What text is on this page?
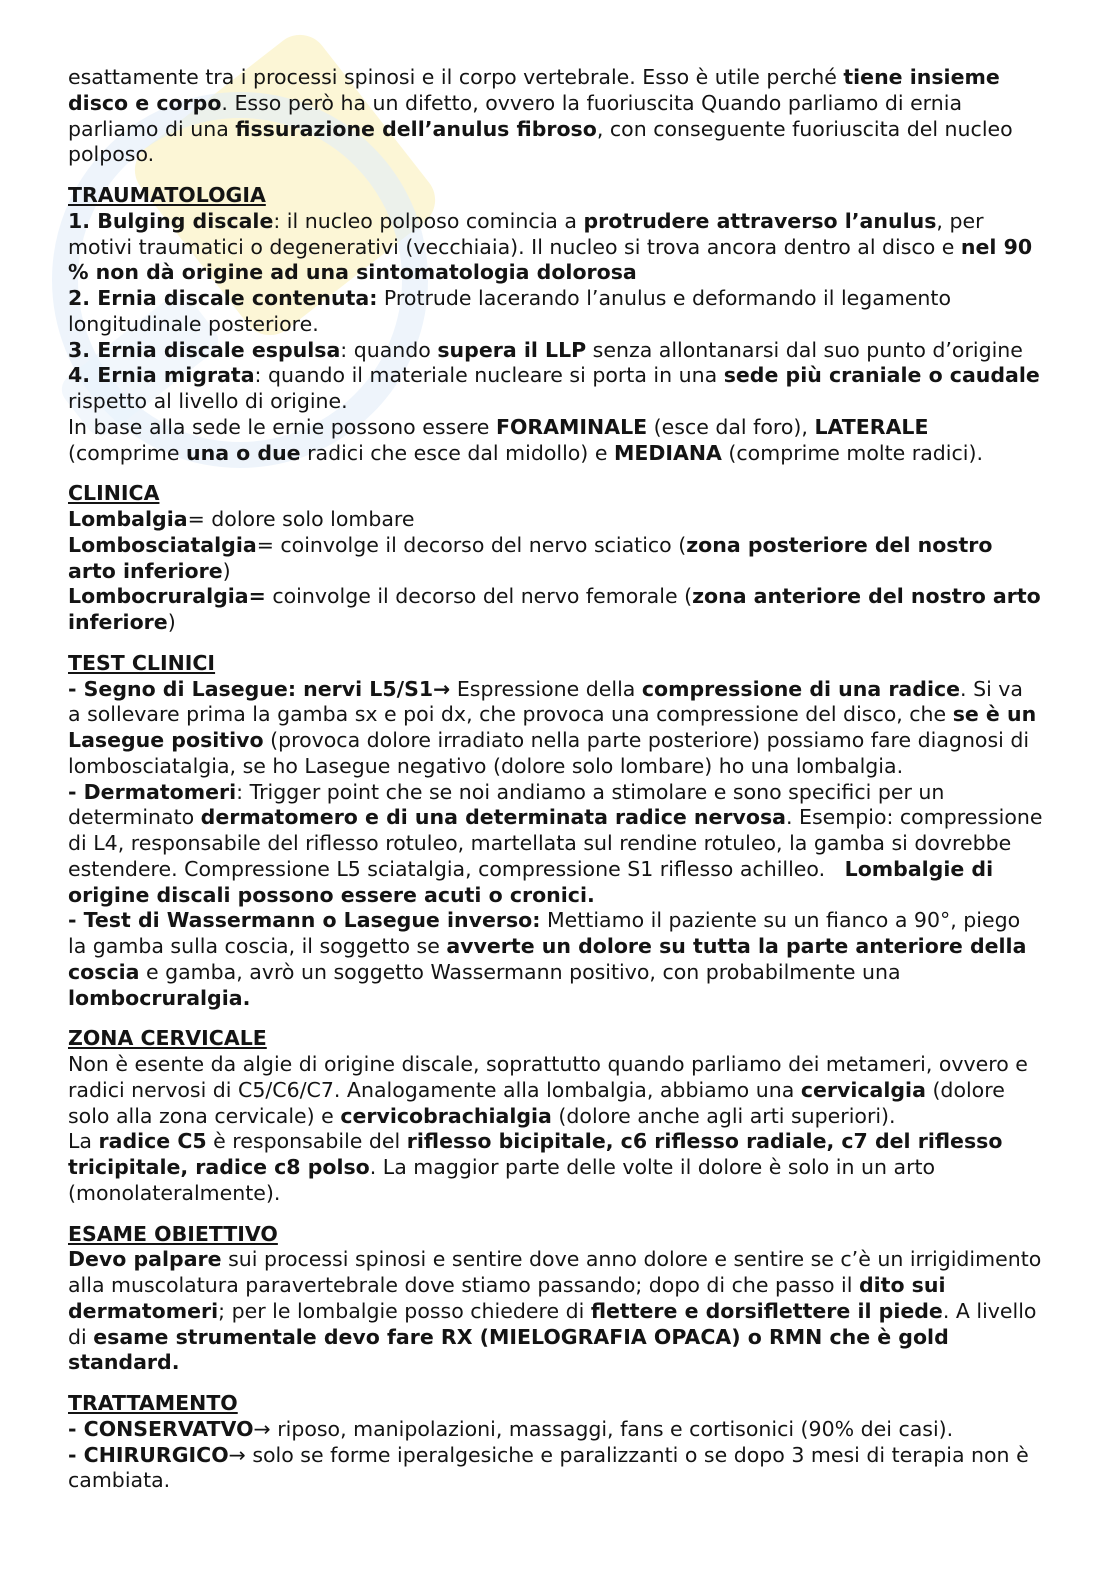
esattamente tra i processi spinosi e il corpo vertebrale. Esso è utile perché tiene insieme
disco e corpo. Esso però ha un difetto, ovvero la fuoriuscita Quando parliamo di ernia
parliamo di una fissurazione dell’anulus fibroso, con conseguente fuoriuscita del nucleo
polposo.
TRAUMATOLOGIA
1. Bulging discale: il nucleo polposo comincia a protrudere attraverso l’anulus, per
motivi traumatici o degenerativi (vecchiaia). Il nucleo si trova ancora dentro al disco e nel 90
% non dà origine ad una sintomatologia dolorosa
2. Ernia discale contenuta: Protrude lacerando l’anulus e deformando il legamento
longitudinale posteriore.
3. Ernia discale espulsa: quando supera il LLP senza allontanarsi dal suo punto d’origine
4. Ernia migrata: quando il materiale nucleare si porta in una sede più craniale o caudale
rispetto al livello di origine.
In base alla sede le ernie possono essere FORAMINALE (esce dal foro), LATERALE
(comprime una o due radici che esce dal midollo) e MEDIANA (comprime molte radici).
CLINICA
Lombalgia= dolore solo lombare
Lombosciatalgia= coinvolge il decorso del nervo sciatico (zona posteriore del nostro
arto inferiore)
Lombocruralgia= coinvolge il decorso del nervo femorale (zona anteriore del nostro arto
inferiore)
TEST CLINICI
- Segno di Lasegue: nervi L5/S1→ Espressione della compressione di una radice. Si va
a sollevare prima la gamba sx e poi dx, che provoca una compressione del disco, che se è un
Lasegue positivo (provoca dolore irradiato nella parte posteriore) possiamo fare diagnosi di
lombosciatalgia, se ho Lasegue negativo (dolore solo lombare) ho una lombalgia.
- Dermatomeri: Trigger point che se noi andiamo a stimolare e sono specifici per un
determinato dermatomero e di una determinata radice nervosa. Esempio: compressione
di L4, responsabile del riflesso rotuleo, martellata sul rendine rotuleo, la gamba si dovrebbe
estendere. Compressione L5 sciatalgia, compressione S1 riflesso achilleo.   Lombalgie di
origine discali possono essere acuti o cronici.
- Test di Wassermann o Lasegue inverso: Mettiamo il paziente su un fianco a 90°, piego
la gamba sulla coscia, il soggetto se avverte un dolore su tutta la parte anteriore della
coscia e gamba, avrò un soggetto Wassermann positivo, con probabilmente una
lombocruralgia.
ZONA CERVICALE
Non è esente da algie di origine discale, soprattutto quando parliamo dei metameri, ovvero e
radici nervosi di C5/C6/C7. Analogamente alla lombalgia, abbiamo una cervicalgia (dolore
solo alla zona cervicale) e cervicobrachialgia (dolore anche agli arti superiori).
La radice C5 è responsabile del riflesso bicipitale, c6 riflesso radiale, c7 del riflesso
tricipitale, radice c8 polso. La maggior parte delle volte il dolore è solo in un arto
(monolateralmente).
ESAME OBIETTIVO
Devo palpare sui processi spinosi e sentire dove anno dolore e sentire se c’è un irrigidimento
alla muscolatura paravertebrale dove stiamo passando; dopo di che passo il dito sui
dermatomeri; per le lombalgie posso chiedere di flettere e dorsiflettere il piede. A livello
di esame strumentale devo fare RX (MIELOGRAFIA OPACA) o RMN che è gold
standard.
TRATTAMENTO
- CONSERVATVO→ riposo, manipolazioni, massaggi, fans e cortisonici (90% dei casi).
- CHIRURGICO→ solo se forme iperalgesiche e paralizzanti o se dopo 3 mesi di terapia non è
cambiata.
